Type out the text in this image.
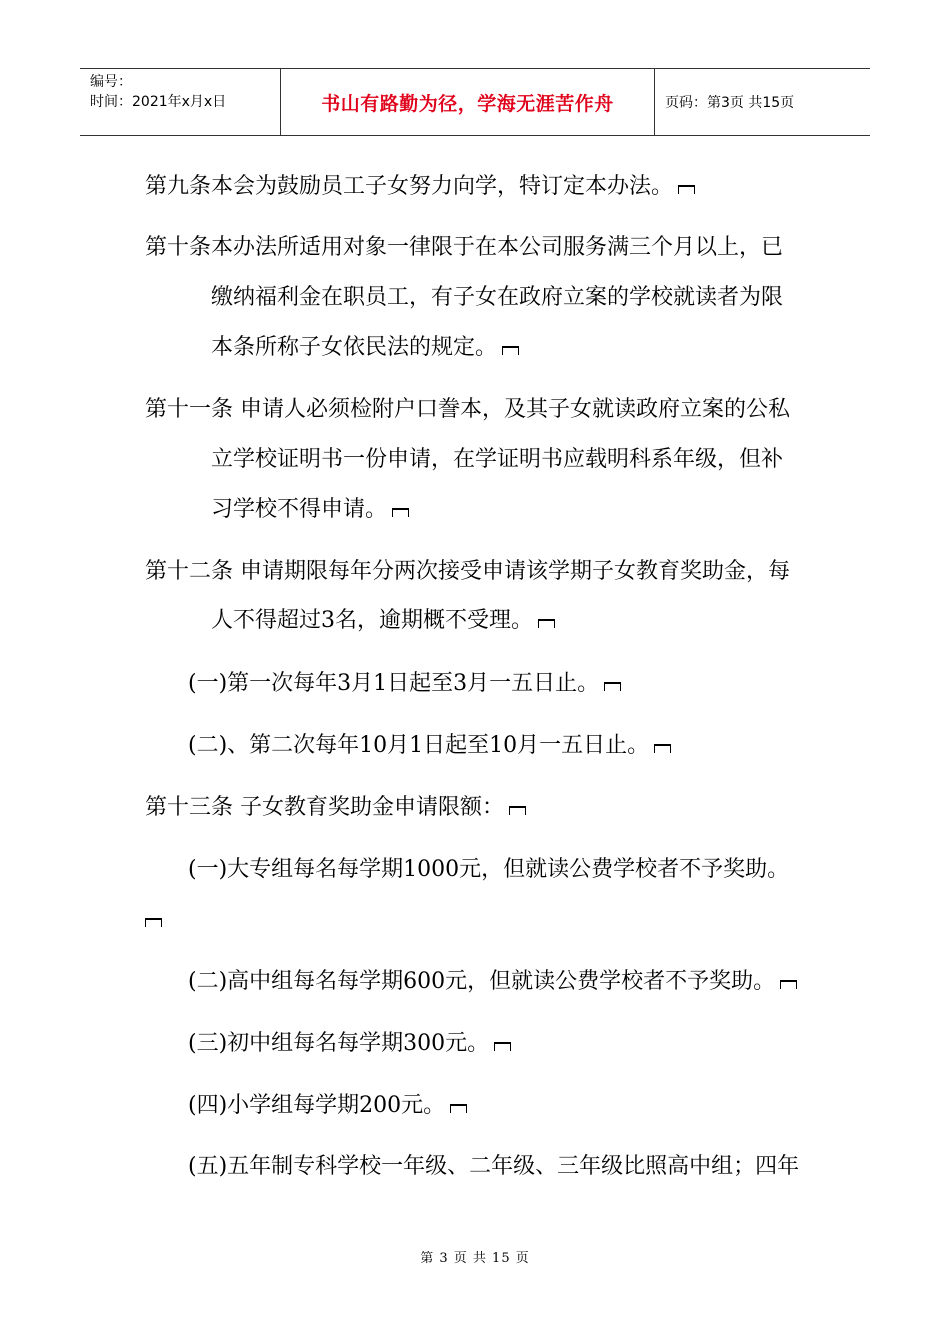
编号：
时间：2021年x月x日	书山有路勤为径，学海无涯苦作舟	页码：第3页 共15页
第九条本会为鼓励员工子女努力向学，特订定本办法。
第十条本办法所适用对象一律限于在本公司服务满三个月以上，已
缴纳福利金在职员工，有子女在政府立案的学校就读者为限
本条所称子女依民法的规定。
第十一条 申请人必须检附户口誊本，及其子女就读政府立案的公私
立学校证明书一份申请，在学证明书应载明科系年级，但补
习学校不得申请。
第十二条 申请期限每年分两次接受申请该学期子女教育奖助金，每
人不得超过3名，逾期概不受理。
(一)第一次每年3月1日起至3月一五日止。
(二)、第二次每年10月1日起至10月一五日止。
第十三条 子女教育奖助金申请限额：
(一)大专组每名每学期1000元，但就读公费学校者不予奖助。
(二)高中组每名每学期600元，但就读公费学校者不予奖助。
(三)初中组每名每学期300元。
(四)小学组每学期200元。
(五)五年制专科学校一年级、二年级、三年级比照高中组；四年
第 3 页 共 15 页
